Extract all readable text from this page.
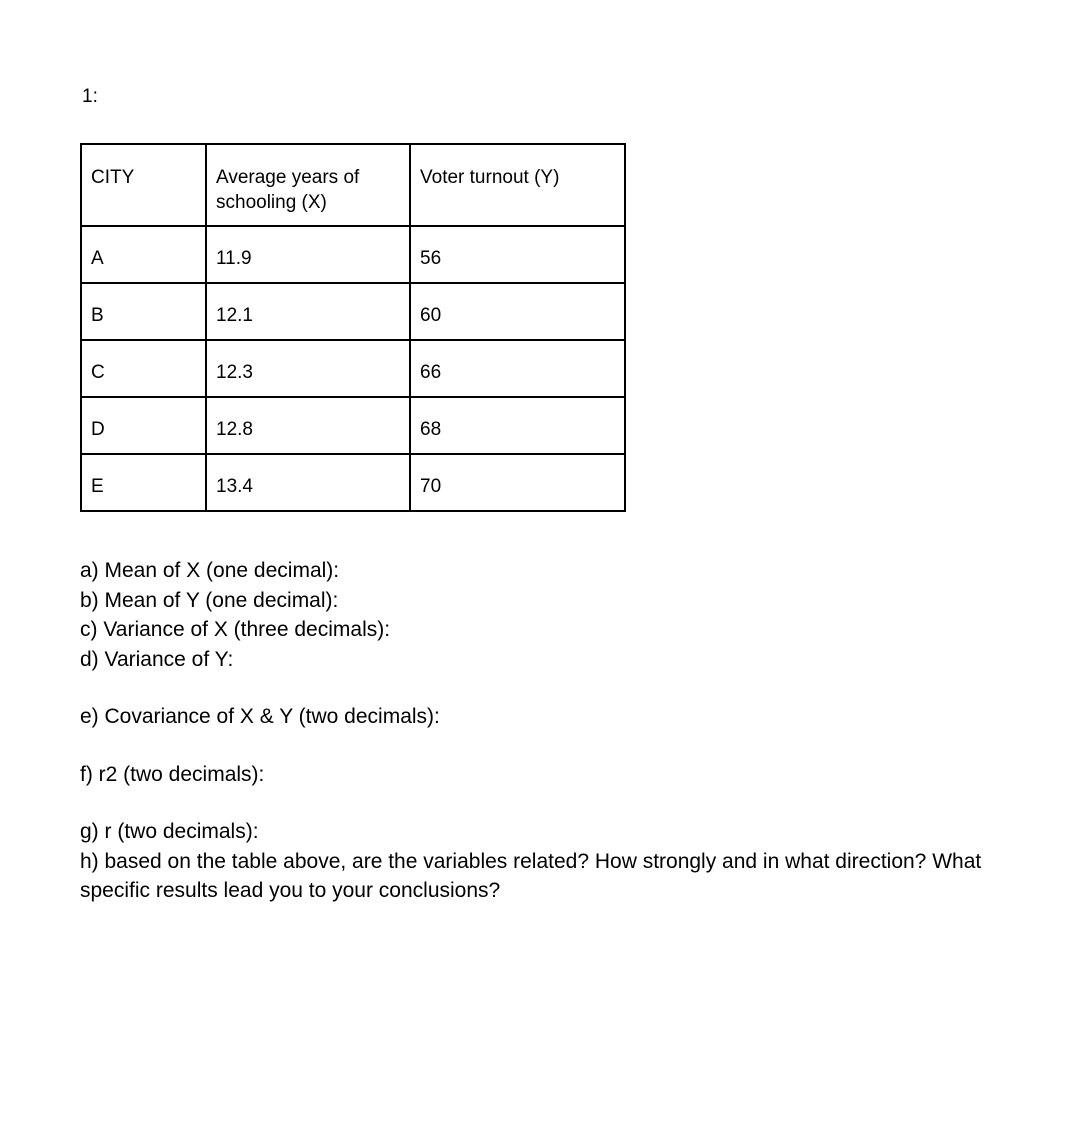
1:
CITY	Average years of schooling (X)	Voter turnout (Y)
A	11.9	56
B	12.1	60
C	12.3	66
D	12.8	68
E	13.4	70
a) Mean of X (one decimal):
b) Mean of Y (one decimal):
c) Variance of X (three decimals):
d) Variance of Y:
e) Covariance of X & Y (two decimals):
f) r2 (two decimals):
g) r (two decimals):
h) based on the table above, are the variables related? How strongly and in what direction? What specific results lead you to your conclusions?
